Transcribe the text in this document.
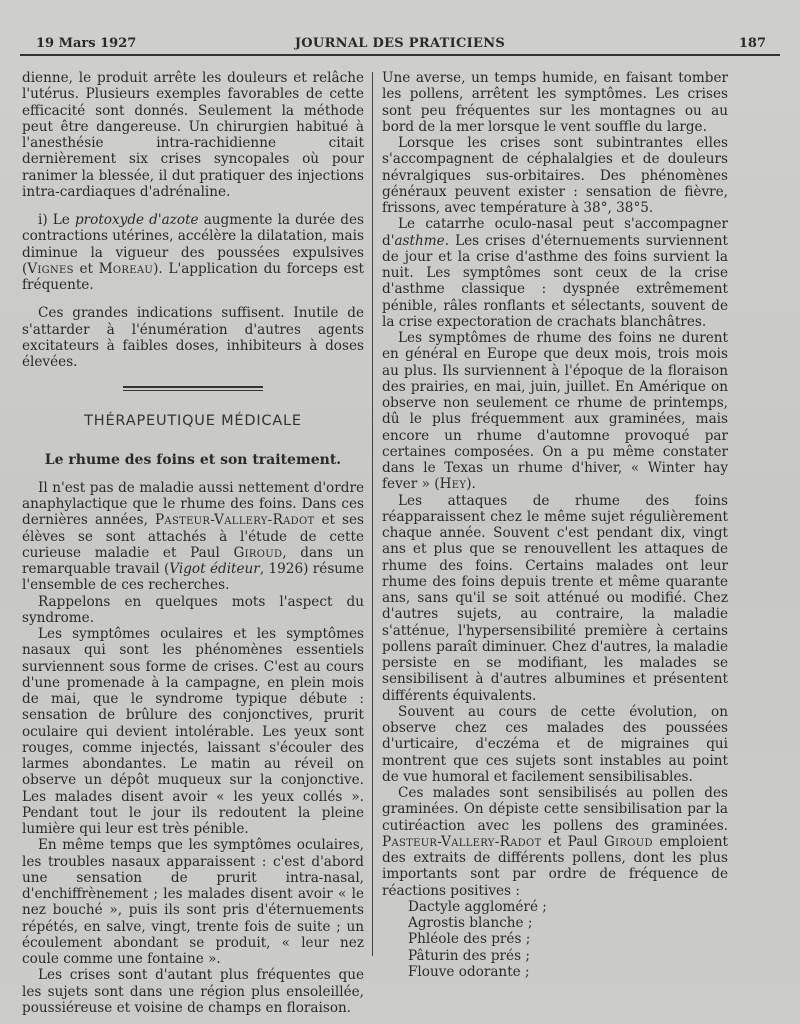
19 Mars 1927	JOURNAL DES PRATICIENS	187

dienne, le produit arrête les douleurs et relâche l'utérus. Plusieurs exemples favorables de cette efficacité sont donnés. Seulement la méthode peut être dangereuse. Un chirurgien habitué à l'anesthésie intra-rachidienne citait dernièrement six crises syncopales où pour ranimer la blessée, il dut pratiquer des injections intra-cardiaques d'adrénaline.

i) Le protoxyde d'azote augmente la durée des contractions utérines, accélère la dilatation, mais diminue la vigueur des poussées expulsives (Vignes et Moreau). L'application du forceps est fréquente.

Ces grandes indications suffisent. Inutile de s'attarder à l'énumération d'autres agents excitateurs à faibles doses, inhibiteurs à doses élevées.

THÉRAPEUTIQUE MÉDICALE
Le rhume des foins et son traitement.

Il n'est pas de maladie aussi nettement d'ordre anaphylactique que le rhume des foins. Dans ces dernières années, Pasteur-Vallery-Radot et ses élèves se sont attachés à l'étude de cette curieuse maladie et Paul Giroud, dans un remarquable travail (Vigot éditeur, 1926) résume l'ensemble de ces recherches.

Rappelons en quelques mots l'aspect du syndrome.

Les symptômes oculaires et les symptômes nasaux qui sont les phénomènes essentiels surviennent sous forme de crises. C'est au cours d'une promenade à la campagne, en plein mois de mai, que le syndrome typique débute : sensation de brûlure des conjonctives, prurit oculaire qui devient intolérable. Les yeux sont rouges, comme injectés, laissant s'écouler des larmes abondantes. Le matin au réveil on observe un dépôt muqueux sur la conjonctive. Les malades disent avoir « les yeux collés ». Pendant tout le jour ils redoutent la pleine lumière qui leur est très pénible.

En même temps que les symptômes oculaires, les troubles nasaux apparaissent : c'est d'abord une sensation de prurit intra-nasal, d'enchiffrènement ; les malades disent avoir « le nez bouché », puis ils sont pris d'éternuements répétés, en salve, vingt, trente fois de suite ; un écoulement abondant se produit, « leur nez coule comme une fontaine ».

Les crises sont d'autant plus fréquentes que les sujets sont dans une région plus ensoleillée, poussiéreuse et voisine de champs en floraison.

Une averse, un temps humide, en faisant tomber les pollens, arrêtent les symptômes. Les crises sont peu fréquentes sur les montagnes ou au bord de la mer lorsque le vent souffle du large.

Lorsque les crises sont subintrantes elles s'accompagnent de céphalalgies et de douleurs névralgiques sus-orbitaires. Des phénomènes généraux peuvent exister : sensation de fièvre, frissons, avec température à 38°, 38°5.

Le catarrhe oculo-nasal peut s'accompagner d'asthme. Les crises d'éternuements surviennent de jour et la crise d'asthme des foins survient la nuit. Les symptômes sont ceux de la crise d'asthme classique : dyspnée extrêmement pénible, râles ronflants et sélectants, souvent de la crise expectoration de crachats blanchâtres.

Les symptômes de rhume des foins ne durent en général en Europe que deux mois, trois mois au plus. Ils surviennent à l'époque de la floraison des prairies, en mai, juin, juillet. En Amérique on observe non seulement ce rhume de printemps, dû le plus fréquemment aux graminées, mais encore un rhume d'automne provoqué par certaines composées. On a pu même constater dans le Texas un rhume d'hiver, « Winter hay fever » (Hey).

Les attaques de rhume des foins réapparaissent chez le même sujet régulièrement chaque année. Souvent c'est pendant dix, vingt ans et plus que se renouvellent les attaques de rhume des foins. Certains malades ont leur rhume des foins depuis trente et même quarante ans, sans qu'il se soit atténué ou modifié. Chez d'autres sujets, au contraire, la maladie s'atténue, l'hypersensibilité première à certains pollens paraît diminuer. Chez d'autres, la maladie persiste en se modifiant, les malades se sensibilisent à d'autres albumines et présentent différents équivalents.

Souvent au cours de cette évolution, on observe chez ces malades des poussées d'urticaire, d'eczéma et de migraines qui montrent que ces sujets sont instables au point de vue humoral et facilement sensibilisables.

Ces malades sont sensibilisés au pollen des graminées. On dépiste cette sensibilisation par la cutiréaction avec les pollens des graminées. Pasteur-Vallery-Radot et Paul Giroud emploient des extraits de différents pollens, dont les plus importants sont par ordre de fréquence de réactions positives :

Dactyle aggloméré ;
Agrostis blanche ;
Phléole des prés ;
Pâturin des prés ;
Flouve odorante ;
